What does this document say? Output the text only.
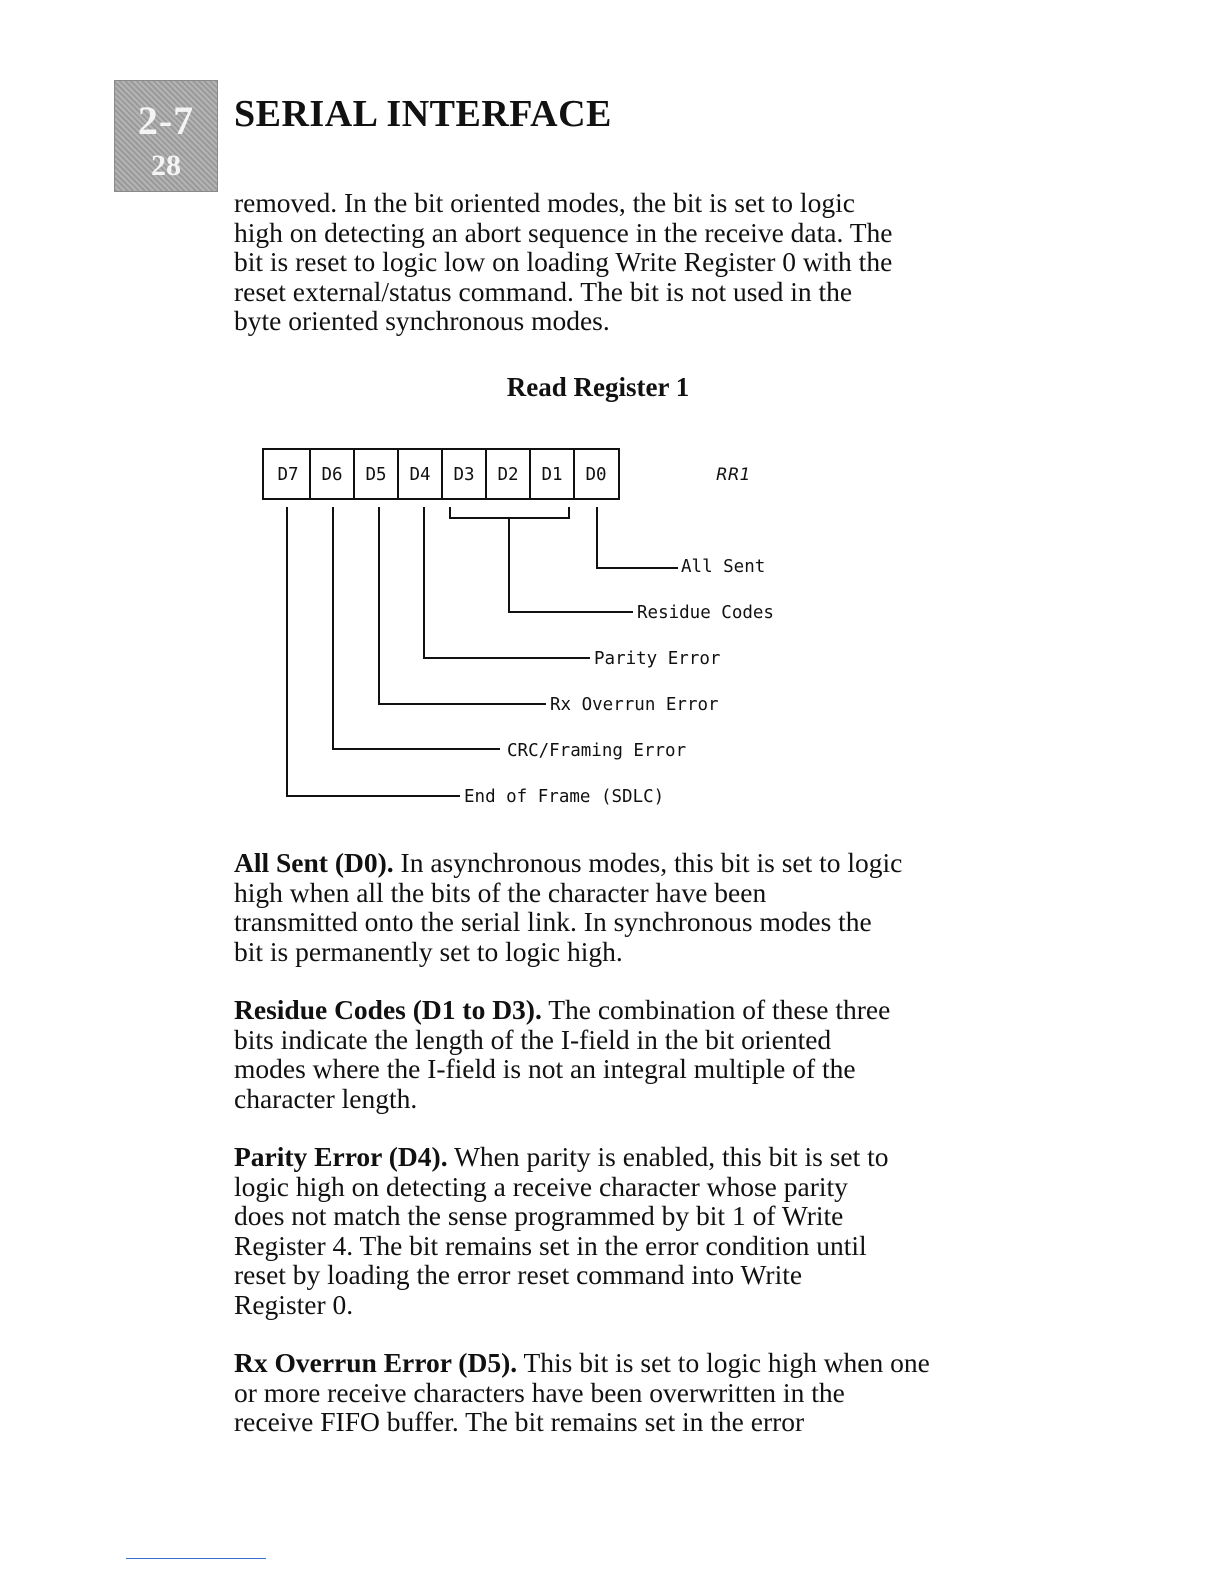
2-7
28
SERIAL INTERFACE

removed. In the bit oriented modes, the bit is set to logic
high on detecting an abort sequence in the receive data. The
bit is reset to logic low on loading Write Register 0 with the
reset external/status command. The bit is not used in the
byte oriented synchronous modes.

Read Register 1

D7 D6 D5 D4 D3 D2 D1 D0	RR1
All Sent
Residue Codes
Parity Error
Rx Overrun Error
CRC/Framing Error
End of Frame (SDLC)

All Sent (D0). In asynchronous modes, this bit is set to logic
high when all the bits of the character have been
transmitted onto the serial link. In synchronous modes the
bit is permanently set to logic high.

Residue Codes (D1 to D3). The combination of these three
bits indicate the length of the I-field in the bit oriented
modes where the I-field is not an integral multiple of the
character length.

Parity Error (D4). When parity is enabled, this bit is set to
logic high on detecting a receive character whose parity
does not match the sense programmed by bit 1 of Write
Register 4. The bit remains set in the error condition until
reset by loading the error reset command into Write
Register 0.

Rx Overrun Error (D5). This bit is set to logic high when one
or more receive characters have been overwritten in the
receive FIFO buffer. The bit remains set in the error
